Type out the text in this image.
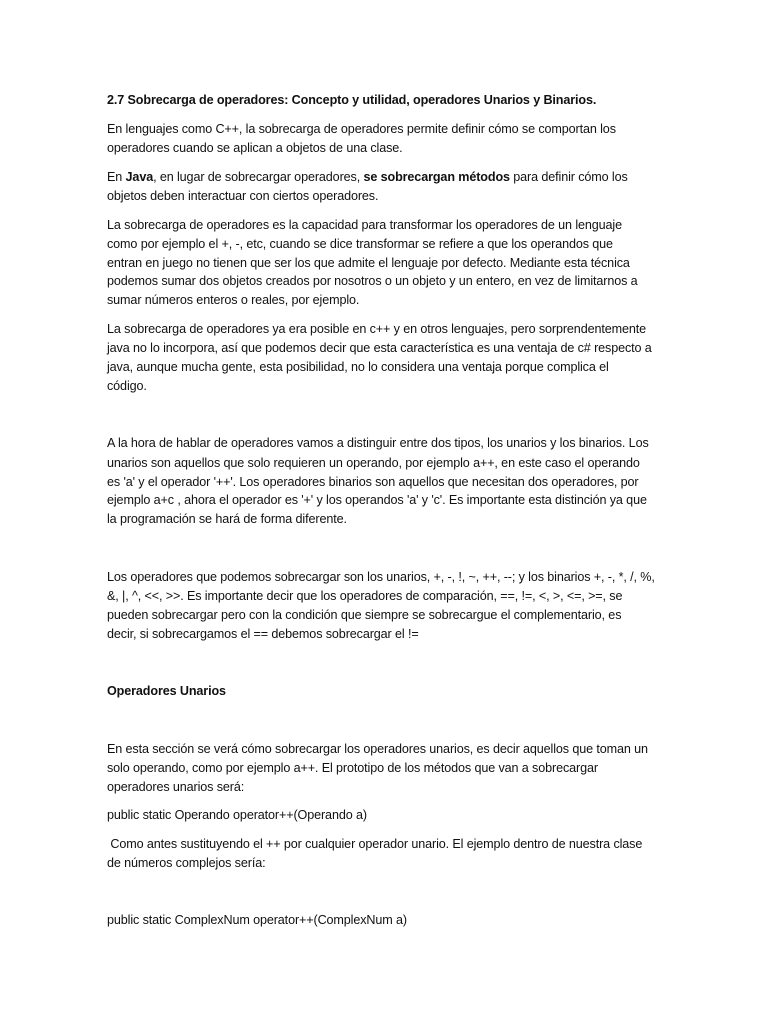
2.7 Sobrecarga de operadores: Concepto y utilidad, operadores Unarios y Binarios.
En lenguajes como C++, la sobrecarga de operadores permite definir cómo se comportan los
operadores cuando se aplican a objetos de una clase.
En Java, en lugar de sobrecargar operadores, se sobrecargan métodos para definir cómo los
objetos deben interactuar con ciertos operadores.
La sobrecarga de operadores es la capacidad para transformar los operadores de un lenguaje
como por ejemplo el +, -, etc, cuando se dice transformar se refiere a que los operandos que
entran en juego no tienen que ser los que admite el lenguaje por defecto. Mediante esta técnica
podemos sumar dos objetos creados por nosotros o un objeto y un entero, en vez de limitarnos a
sumar números enteros o reales, por ejemplo.
La sobrecarga de operadores ya era posible en c++ y en otros lenguajes, pero sorprendentemente
java no lo incorpora, así que podemos decir que esta característica es una ventaja de c# respecto a
java, aunque mucha gente, esta posibilidad, no lo considera una ventaja porque complica el
código.
A la hora de hablar de operadores vamos a distinguir entre dos tipos, los unarios y los binarios. Los
unarios son aquellos que solo requieren un operando, por ejemplo a++, en este caso el operando
es 'a' y el operador '++'. Los operadores binarios son aquellos que necesitan dos operadores, por
ejemplo a+c , ahora el operador es '+' y los operandos 'a' y 'c'. Es importante esta distinción ya que
la programación se hará de forma diferente.
Los operadores que podemos sobrecargar son los unarios, +, -, !, ~, ++, --; y los binarios +, -, *, /, %,
&, |, ^, <<, >>. Es importante decir que los operadores de comparación, ==, !=, <, >, <=, >=, se
pueden sobrecargar pero con la condición que siempre se sobrecargue el complementario, es
decir, si sobrecargamos el == debemos sobrecargar el !=
Operadores Unarios
En esta sección se verá cómo sobrecargar los operadores unarios, es decir aquellos que toman un
solo operando, como por ejemplo a++. El prototipo de los métodos que van a sobrecargar
operadores unarios será:
public static Operando operator++(Operando a)
Como antes sustituyendo el ++ por cualquier operador unario. El ejemplo dentro de nuestra clase
de números complejos sería:
public static ComplexNum operator++(ComplexNum a)
